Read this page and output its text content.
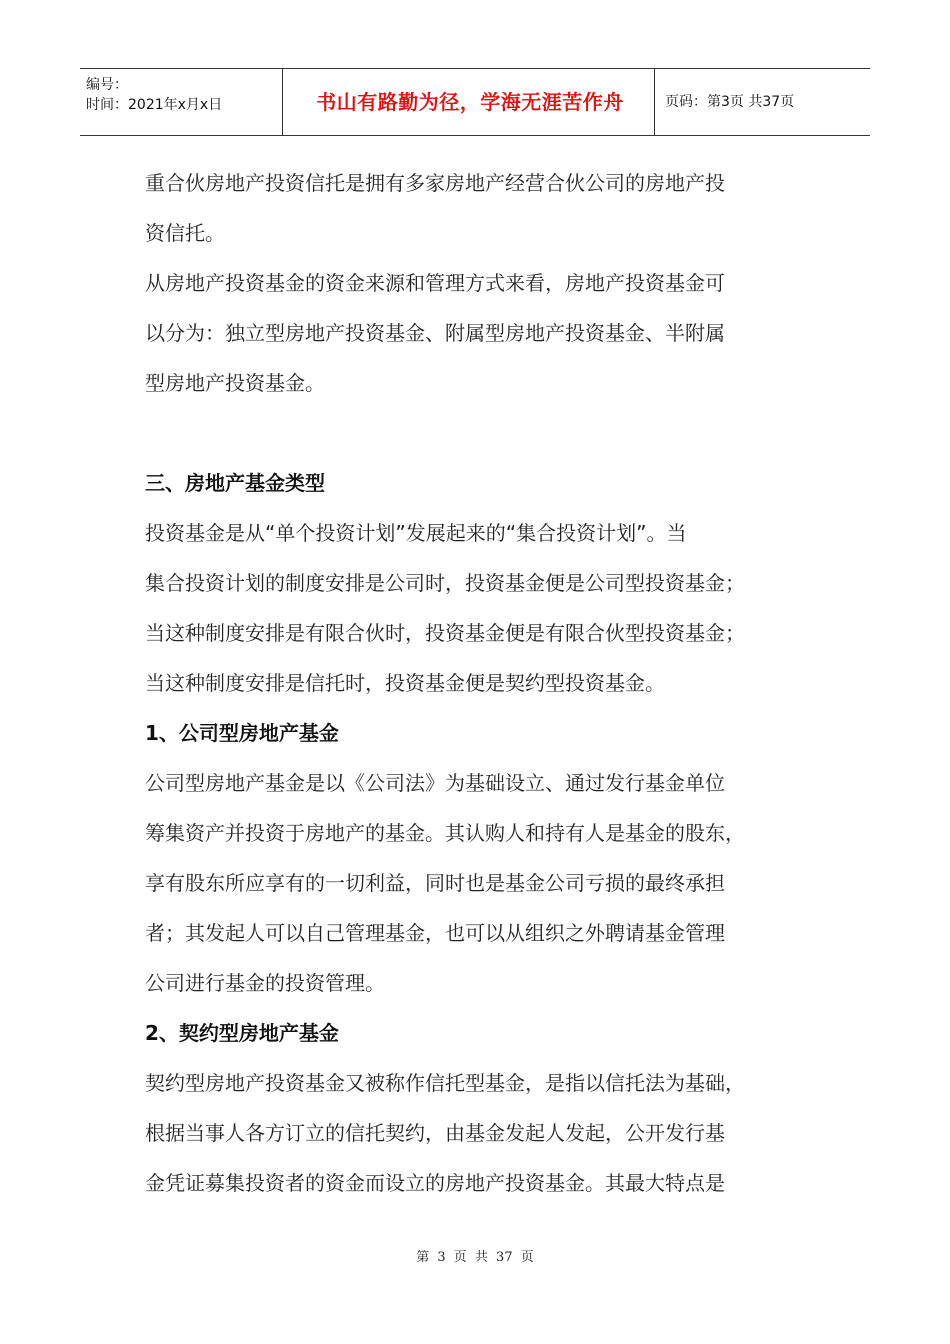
编号：
时间：2021年x月x日	书山有路勤为径，学海无涯苦作舟	页码：第3页 共37页

重合伙房地产投资信托是拥有多家房地产经营合伙公司的房地产投

资信托。

从房地产投资基金的资金来源和管理方式来看，房地产投资基金可

以分为：独立型房地产投资基金、附属型房地产投资基金、半附属

型房地产投资基金。

三、房地产基金类型

投资基金是从“单个投资计划”发展起来的“集合投资计划”。当

集合投资计划的制度安排是公司时，投资基金便是公司型投资基金；

当这种制度安排是有限合伙时，投资基金便是有限合伙型投资基金；

当这种制度安排是信托时，投资基金便是契约型投资基金。

1、公司型房地产基金

公司型房地产基金是以《公司法》为基础设立、通过发行基金单位

筹集资产并投资于房地产的基金。其认购人和持有人是基金的股东，

享有股东所应享有的一切利益，同时也是基金公司亏损的最终承担

者；其发起人可以自己管理基金，也可以从组织之外聘请基金管理

公司进行基金的投资管理。

2、契约型房地产基金

契约型房地产投资基金又被称作信托型基金，是指以信托法为基础，

根据当事人各方订立的信托契约，由基金发起人发起，公开发行基

金凭证募集投资者的资金而设立的房地产投资基金。其最大特点是

第 3 页 共 37 页
